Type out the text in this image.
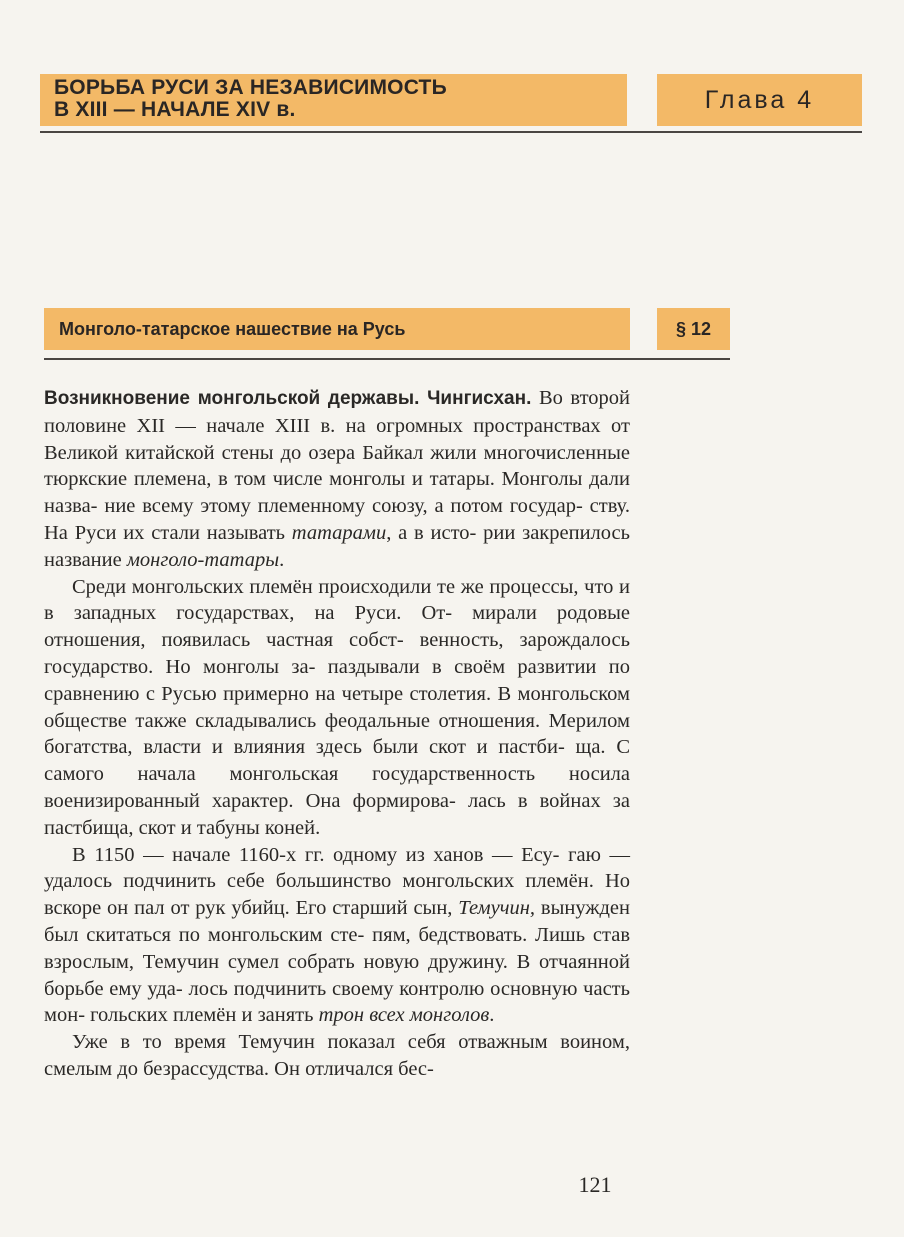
БОРЬБА РУСИ ЗА НЕЗАВИСИМОСТЬ
В XIII — НАЧАЛЕ XIV в.	Глава 4
Монголо-татарское нашествие на Русь	§ 12

Возникновение монгольской державы. Чингисхан. Во второй половине XII — начале XIII в. на огромных пространствах от Великой китайской стены до озера Байкал жили многочисленные тюркские племена, в том числе монголы и татары. Монголы дали назва- ние всему этому племенному союзу, а потом государ- ству. На Руси их стали называть татарами, а в исто- рии закрепилось название монголо-татары.

Среди монгольских племён происходили те же процессы, что и в западных государствах, на Руси. От- мирали родовые отношения, появилась частная собст- венность, зарождалось государство. Но монголы за- паздывали в своём развитии по сравнению с Русью примерно на четыре столетия. В монгольском обществе также складывались феодальные отношения. Мерилом богатства, власти и влияния здесь были скот и пастби- ща. С самого начала монгольская государственность носила военизированный характер. Она формирова- лась в войнах за пастбища, скот и табуны коней.

В 1150 — начале 1160-х гг. одному из ханов — Есу- гаю — удалось подчинить себе большинство монгольских племён. Но вскоре он пал от рук убийц. Его старший сын, Темучин, вынужден был скитаться по монгольским сте- пям, бедствовать. Лишь став взрослым, Темучин сумел собрать новую дружину. В отчаянной борьбе ему уда- лось подчинить своему контролю основную часть мон- гольских племён и занять трон всех монголов.

Уже в то время Темучин показал себя отважным воином, смелым до безрассудства. Он отличался бес-

121
